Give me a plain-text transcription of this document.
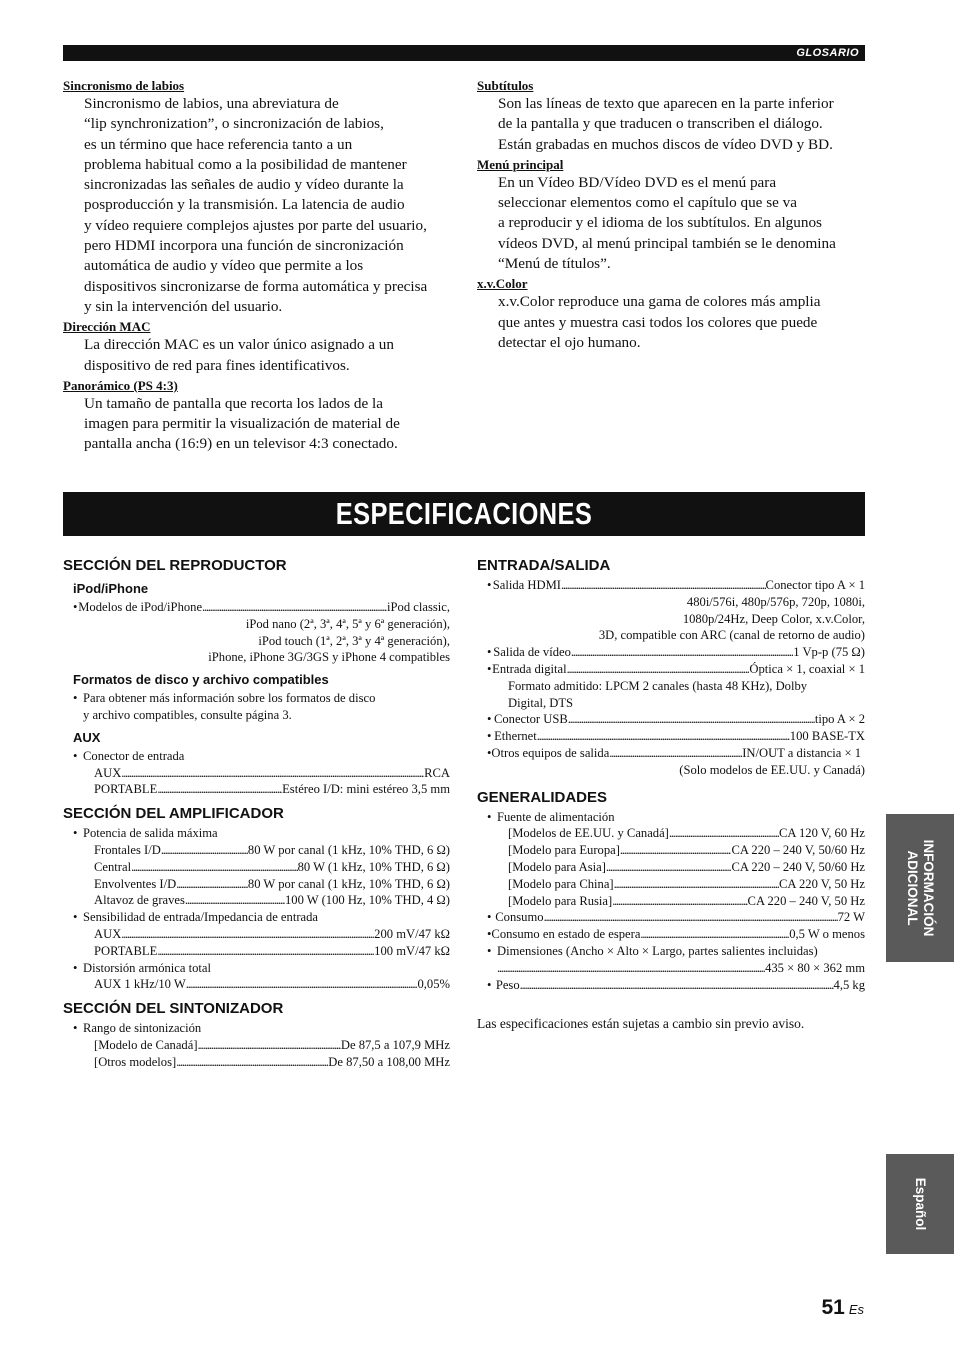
GLOSARIO
Sincronismo de labios
Sincronismo de labios, una abreviatura de
“lip synchronization”, o sincronización de labios,
es un término que hace referencia tanto a un
problema habitual como a la posibilidad de mantener
sincronizadas las señales de audio y vídeo durante la
posproducción y la transmisión. La latencia de audio
y vídeo requiere complejos ajustes por parte del usuario,
pero HDMI incorpora una función de sincronización
automática de audio y vídeo que permite a los
dispositivos sincronizarse de forma automática y precisa
y sin la intervención del usuario.
Dirección MAC
La dirección MAC es un valor único asignado a un
dispositivo de red para fines identificativos.
Panorámico (PS 4:3)
Un tamaño de pantalla que recorta los lados de la
imagen para permitir la visualización de material de
pantalla ancha (16:9) en un televisor 4:3 conectado.
Subtítulos
Son las líneas de texto que aparecen en la parte inferior
de la pantalla y que traducen o transcriben el diálogo.
Están grabadas en muchos discos de vídeo DVD y BD.
Menú principal
En un Vídeo BD/Vídeo DVD es el menú para
seleccionar elementos como el capítulo que se va
a reproducir y el idioma de los subtítulos. En algunos
vídeos DVD, al menú principal también se le denomina
“Menú de títulos”.
x.v.Color
x.v.Color reproduce una gama de colores más amplia
que antes y muestra casi todos los colores que puede
detectar el ojo humano.
ESPECIFICACIONES
SECCIÓN DEL REPRODUCTOR
iPod/iPhone
• Modelos de iPod/iPhone . . .	iPod classic,
iPod nano (2ª, 3ª, 4ª, 5ª y 6ª generación),
iPod touch (1ª, 2ª, 3ª y 4ª generación),
iPhone, iPhone 3G/3GS y iPhone 4 compatibles
Formatos de disco y archivo compatibles
• Para obtener más información sobre los formatos de disco
y archivo compatibles, consulte página 3.
AUX
• Conector de entrada
AUX . . .	RCA
PORTABLE . . .	Estéreo I/D: mini estéreo 3,5 mm
SECCIÓN DEL AMPLIFICADOR
• Potencia de salida máxima
Frontales I/D . . .	80 W por canal (1 kHz, 10% THD, 6 Ω)
Central . . .	80 W (1 kHz, 10% THD, 6 Ω)
Envolventes I/D . . .	80 W por canal (1 kHz, 10% THD, 6 Ω)
Altavoz de graves . . .	100 W (100 Hz, 10% THD, 4 Ω)
• Sensibilidad de entrada/Impedancia de entrada
AUX . . .	200 mV/47 kΩ
PORTABLE . . .	100 mV/47 kΩ
• Distorsión armónica total
AUX 1 kHz/10 W . . .	0,05%
SECCIÓN DEL SINTONIZADOR
• Rango de sintonización
[Modelo de Canadá] . . .	De 87,5 a 107,9 MHz
[Otros modelos] . . .	De 87,50 a 108,00 MHz
ENTRADA/SALIDA
• Salida HDMI . . .	Conector tipo A × 1
480i/576i, 480p/576p, 720p, 1080i,
1080p/24Hz, Deep Color, x.v.Color,
3D, compatible con ARC (canal de retorno de audio)
• Salida de vídeo . . .	1 Vp-p (75 Ω)
• Entrada digital . . .	Óptica × 1, coaxial × 1
Formato admitido: LPCM 2 canales (hasta 48 KHz), Dolby
Digital, DTS
• Conector USB . . .	tipo A × 2
• Ethernet . . .	100 BASE-TX
• Otros equipos de salida . . .	IN/OUT a distancia × 1
(Solo modelos de EE.UU. y Canadá)
GENERALIDADES
• Fuente de alimentación
[Modelos de EE.UU. y Canadá] . . .	CA 120 V, 60 Hz
[Modelo para Europa] . . .	CA 220 – 240 V, 50/60 Hz
[Modelo para Asia] . . .	CA 220 – 240 V, 50/60 Hz
[Modelo para China] . . .	CA 220 V, 50 Hz
[Modelo para Rusia] . . .	CA 220 – 240 V, 50 Hz
• Consumo . . .	72 W
• Consumo en estado de espera . . .	0,5 W o menos
• Dimensiones (Ancho × Alto × Largo, partes salientes incluidas)
. . .
435 × 80 × 362 mm
• Peso . . .	4,5 kg
Las especificaciones están sujetas a cambio sin previo aviso.
INFORMACIÓN
ADICIONAL
Español
51 Es
